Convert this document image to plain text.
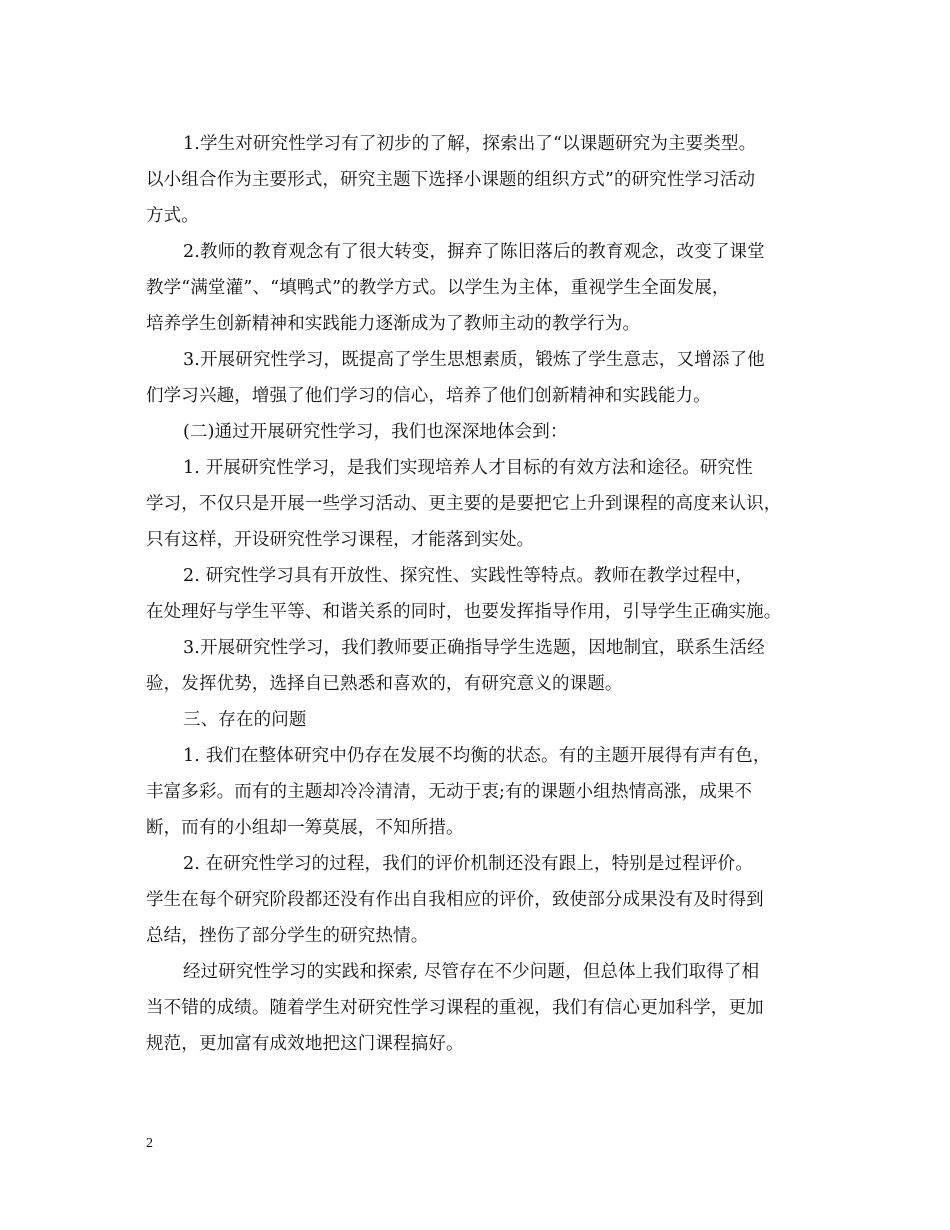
1.学生对研究性学习有了初步的了解，探索出了“以课题研究为主要类型。
以小组合作为主要形式，研究主题下选择小课题的组织方式”的研究性学习活动
方式。
2.教师的教育观念有了很大转变，摒弃了陈旧落后的教育观念，改变了课堂
教学“满堂灌”、“填鸭式”的教学方式。以学生为主体，重视学生全面发展，
培养学生创新精神和实践能力逐渐成为了教师主动的教学行为。
3.开展研究性学习，既提高了学生思想素质，锻炼了学生意志，又增添了他
们学习兴趣，增强了他们学习的信心，培养了他们创新精神和实践能力。
(二)通过开展研究性学习，我们也深深地体会到：
1. 开展研究性学习，是我们实现培养人才目标的有效方法和途径。研究性
学习，不仅只是开展一些学习活动、更主要的是要把它上升到课程的高度来认识，
只有这样，开设研究性学习课程，才能落到实处。
2. 研究性学习具有开放性、探究性、实践性等特点。教师在教学过程中，
在处理好与学生平等、和谐关系的同时，也要发挥指导作用，引导学生正确实施。
3.开展研究性学习，我们教师要正确指导学生选题，因地制宜，联系生活经
验，发挥优势，选择自已熟悉和喜欢的，有研究意义的课题。
三、存在的问题
1. 我们在整体研究中仍存在发展不均衡的状态。有的主题开展得有声有色，
丰富多彩。而有的主题却冷冷清清，无动于衷;有的课题小组热情高涨，成果不
断，而有的小组却一筹莫展，不知所措。
2. 在研究性学习的过程，我们的评价机制还没有跟上，特别是过程评价。
学生在每个研究阶段都还没有作出自我相应的评价，致使部分成果没有及时得到
总结，挫伤了部分学生的研究热情。
经过研究性学习的实践和探索, 尽管存在不少问题，但总体上我们取得了相
当不错的成绩。随着学生对研究性学习课程的重视，我们有信心更加科学，更加
规范，更加富有成效地把这门课程搞好。
2
